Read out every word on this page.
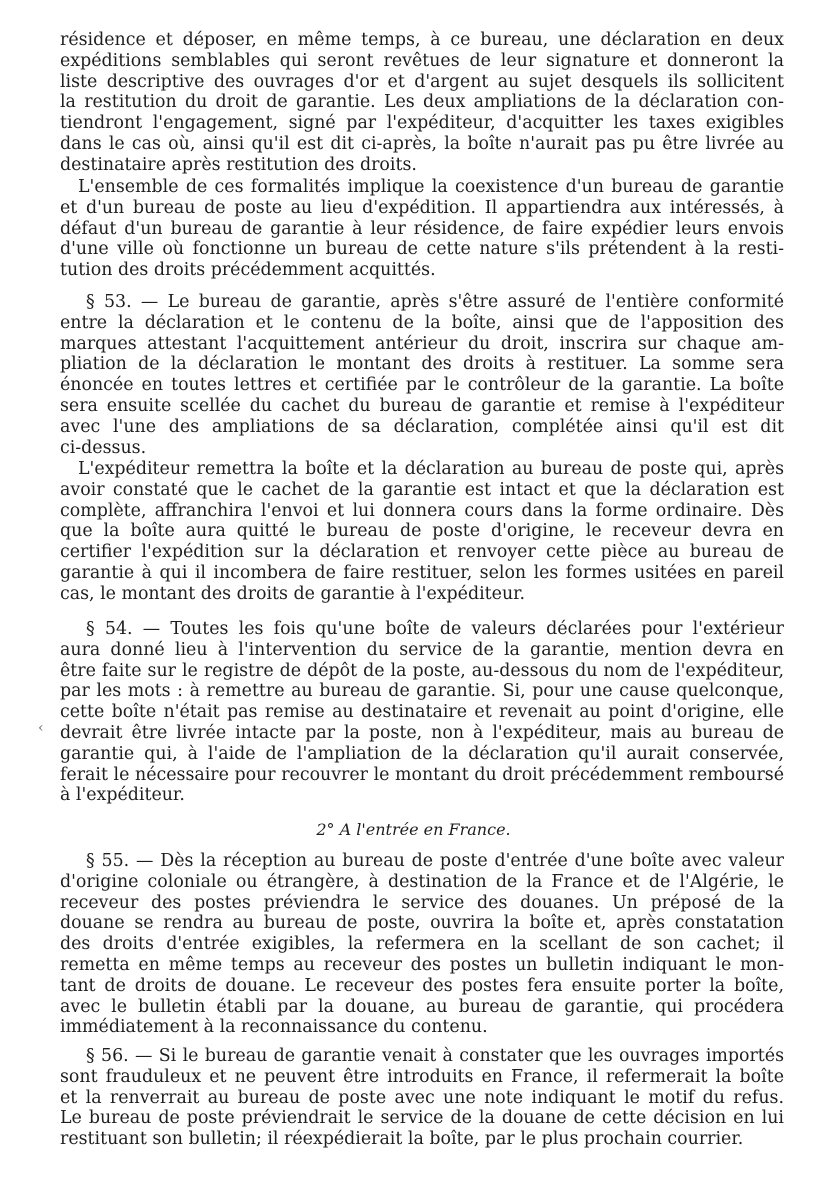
résidence et déposer, en même temps, à ce bureau, une déclaration en deux
expéditions semblables qui seront revêtues de leur signature et donneront la
liste descriptive des ouvrages d'or et d'argent au sujet desquels ils sollicitent
la restitution du droit de garantie. Les deux ampliations de la déclaration con-
tiendront l'engagement, signé par l'expéditeur, d'acquitter les taxes exigibles
dans le cas où, ainsi qu'il est dit ci-après, la boîte n'aurait pas pu être livrée au
destinataire après restitution des droits.
L'ensemble de ces formalités implique la coexistence d'un bureau de garantie
et d'un bureau de poste au lieu d'expédition. Il appartiendra aux intéressés, à
défaut d'un bureau de garantie à leur résidence, de faire expédier leurs envois
d'une ville où fonctionne un bureau de cette nature s'ils prétendent à la resti-
tution des droits précédemment acquittés.
§ 53. — Le bureau de garantie, après s'être assuré de l'entière conformité
entre la déclaration et le contenu de la boîte, ainsi que de l'apposition des
marques attestant l'acquittement antérieur du droit, inscrira sur chaque am-
pliation de la déclaration le montant des droits à restituer. La somme sera
énoncée en toutes lettres et certifiée par le contrôleur de la garantie. La boîte
sera ensuite scellée du cachet du bureau de garantie et remise à l'expéditeur
avec l'une des ampliations de sa déclaration, complétée ainsi qu'il est dit
ci-dessus.
L'expéditeur remettra la boîte et la déclaration au bureau de poste qui, après
avoir constaté que le cachet de la garantie est intact et que la déclaration est
complète, affranchira l'envoi et lui donnera cours dans la forme ordinaire. Dès
que la boîte aura quitté le bureau de poste d'origine, le receveur devra en
certifier l'expédition sur la déclaration et renvoyer cette pièce au bureau de
garantie à qui il incombera de faire restituer, selon les formes usitées en pareil
cas, le montant des droits de garantie à l'expéditeur.
§ 54. — Toutes les fois qu'une boîte de valeurs déclarées pour l'extérieur
aura donné lieu à l'intervention du service de la garantie, mention devra en
être faite sur le registre de dépôt de la poste, au-dessous du nom de l'expéditeur,
par les mots : à remettre au bureau de garantie. Si, pour une cause quelconque,
cette boîte n'était pas remise au destinataire et revenait au point d'origine, elle
devrait être livrée intacte par la poste, non à l'expéditeur, mais au bureau de
garantie qui, à l'aide de l'ampliation de la déclaration qu'il aurait conservée,
ferait le nécessaire pour recouvrer le montant du droit précédemment remboursé
à l'expéditeur.
‹
2° A l'entrée en France.
§ 55. — Dès la réception au bureau de poste d'entrée d'une boîte avec valeur
d'origine coloniale ou étrangère, à destination de la France et de l'Algérie, le
receveur des postes préviendra le service des douanes. Un préposé de la
douane se rendra au bureau de poste, ouvrira la boîte et, après constatation
des droits d'entrée exigibles, la refermera en la scellant de son cachet; il
remetta en même temps au receveur des postes un bulletin indiquant le mon-
tant de droits de douane. Le receveur des postes fera ensuite porter la boîte,
avec le bulletin établi par la douane, au bureau de garantie, qui procédera
immédiatement à la reconnaissance du contenu.
§ 56. — Si le bureau de garantie venait à constater que les ouvrages importés
sont frauduleux et ne peuvent être introduits en France, il refermerait la boîte
et la renverrait au bureau de poste avec une note indiquant le motif du refus.
Le bureau de poste préviendrait le service de la douane de cette décision en lui
restituant son bulletin; il réexpédierait la boîte, par le plus prochain courrier.
